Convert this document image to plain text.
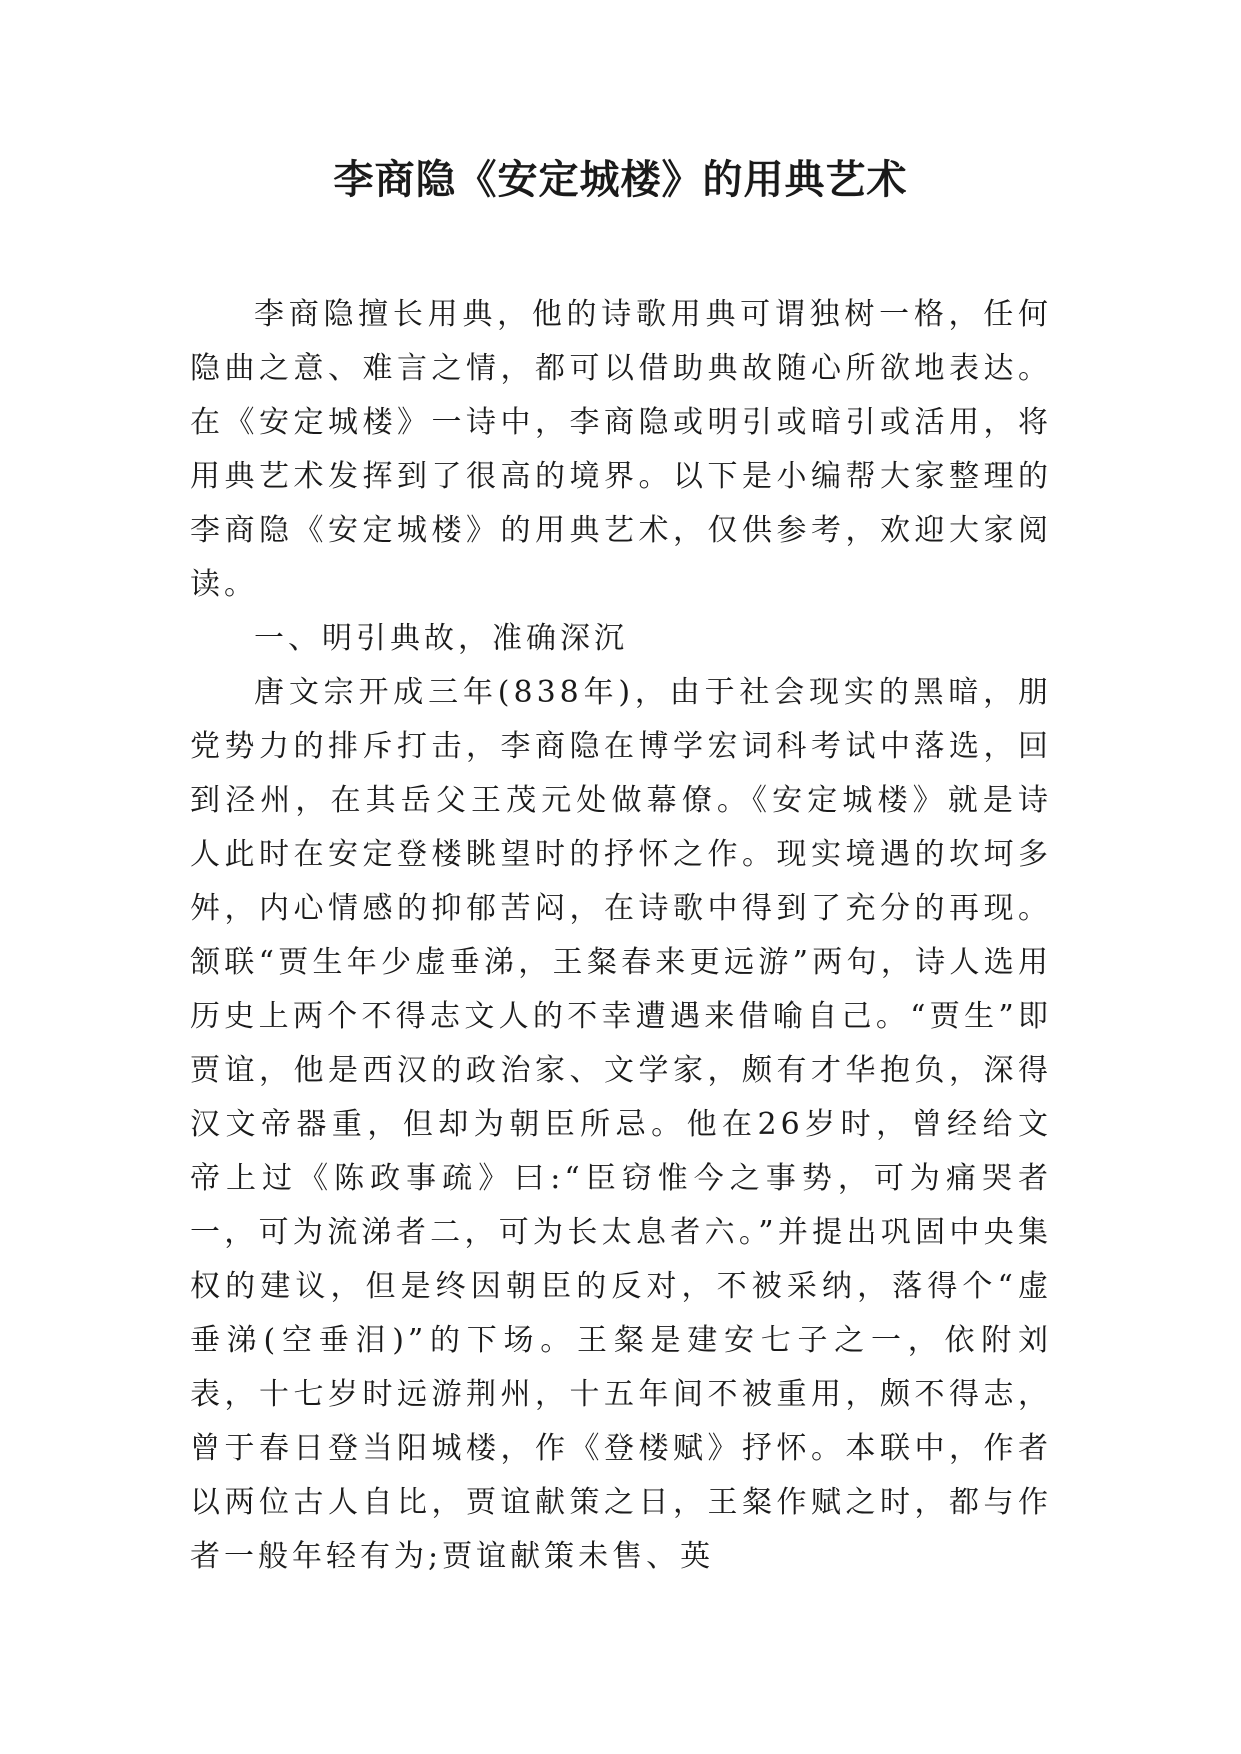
李商隐《安定城楼》的用典艺术

李商隐擅长用典，他的诗歌用典可谓独树一格，任何隐曲之意、难言之情，都可以借助典故随心所欲地表达。在《安定城楼》一诗中，李商隐或明引或暗引或活用，将用典艺术发挥到了很高的境界。以下是小编帮大家整理的李商隐《安定城楼》的用典艺术，仅供参考，欢迎大家阅读。

一、明引典故，准确深沉

唐文宗开成三年(838年)，由于社会现实的黑暗，朋党势力的排斥打击，李商隐在博学宏词科考试中落选，回到泾州，在其岳父王茂元处做幕僚。《安定城楼》就是诗人此时在安定登楼眺望时的抒怀之作。现实境遇的坎坷多舛，内心情感的抑郁苦闷，在诗歌中得到了充分的再现。颔联“贾生年少虚垂涕，王粲春来更远游”两句，诗人选用历史上两个不得志文人的不幸遭遇来借喻自己。“贾生”即贾谊，他是西汉的政治家、文学家，颇有才华抱负，深得汉文帝器重，但却为朝臣所忌。他在26岁时，曾经给文帝上过《陈政事疏》曰:“臣窃惟今之事势，可为痛哭者一，可为流涕者二，可为长太息者六。”并提出巩固中央集权的建议，但是终因朝臣的反对，不被采纳，落得个“虚垂涕(空垂泪)”的下场。王粲是建安七子之一，依附刘表，十七岁时远游荆州，十五年间不被重用，颇不得志，曾于春日登当阳城楼，作《登楼赋》抒怀。本联中，作者以两位古人自比，贾谊献策之日，王粲作赋之时，都与作者一般年轻有为;贾谊献策未售、英
